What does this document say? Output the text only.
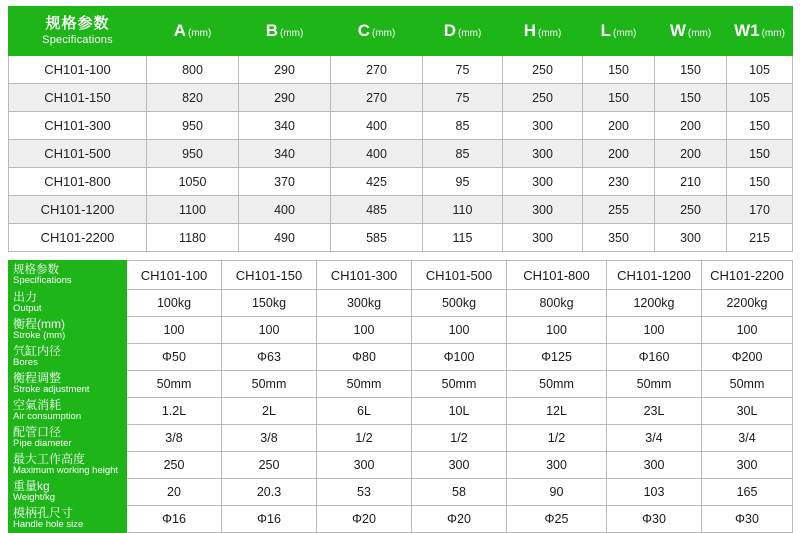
规格参数
Specifications	A (mm)	B (mm)	C (mm)	D (mm)	H (mm)	L (mm)	W (mm)	W1 (mm)
CH101-100	800	290	270	75	250	150	150	105
CH101-150	820	290	270	75	250	150	150	105
CH101-300	950	340	400	85	300	200	200	150
CH101-500	950	340	400	85	300	200	200	150
CH101-800	1050	370	425	95	300	230	210	150
CH101-1200	1100	400	485	110	300	255	250	170
CH101-2200	1180	490	585	115	300	350	300	215
规格参数
Specifications	CH101-100	CH101-150	CH101-300	CH101-500	CH101-800	CH101-1200	CH101-2200

出力
Output	100kg	150kg	300kg	500kg	800kg	1200kg	2200kg

衡程(mm)
Stroke (mm)	100	100	100	100	100	100	100

氕缸内径
Bores	Φ50	Φ63	Φ80	Φ100	Φ125	Φ160	Φ200

衡程调整
Stroke adjustment	50mm	50mm	50mm	50mm	50mm	50mm	50mm

空氣消耗
Air consumption	1.2L	2L	6L	10L	12L	23L	30L

配管口径
Pipe diameter	3/8	3/8	1/2	1/2	1/2	3/4	3/4

最大工作高度
Maximum working height	250	250	300	300	300	300	300

重量kg
Weight/kg	20	20.3	53	58	90	103	165

模柄孔尺寸
Handle hole size	Φ16	Φ16	Φ20	Φ20	Φ25	Φ30	Φ30
